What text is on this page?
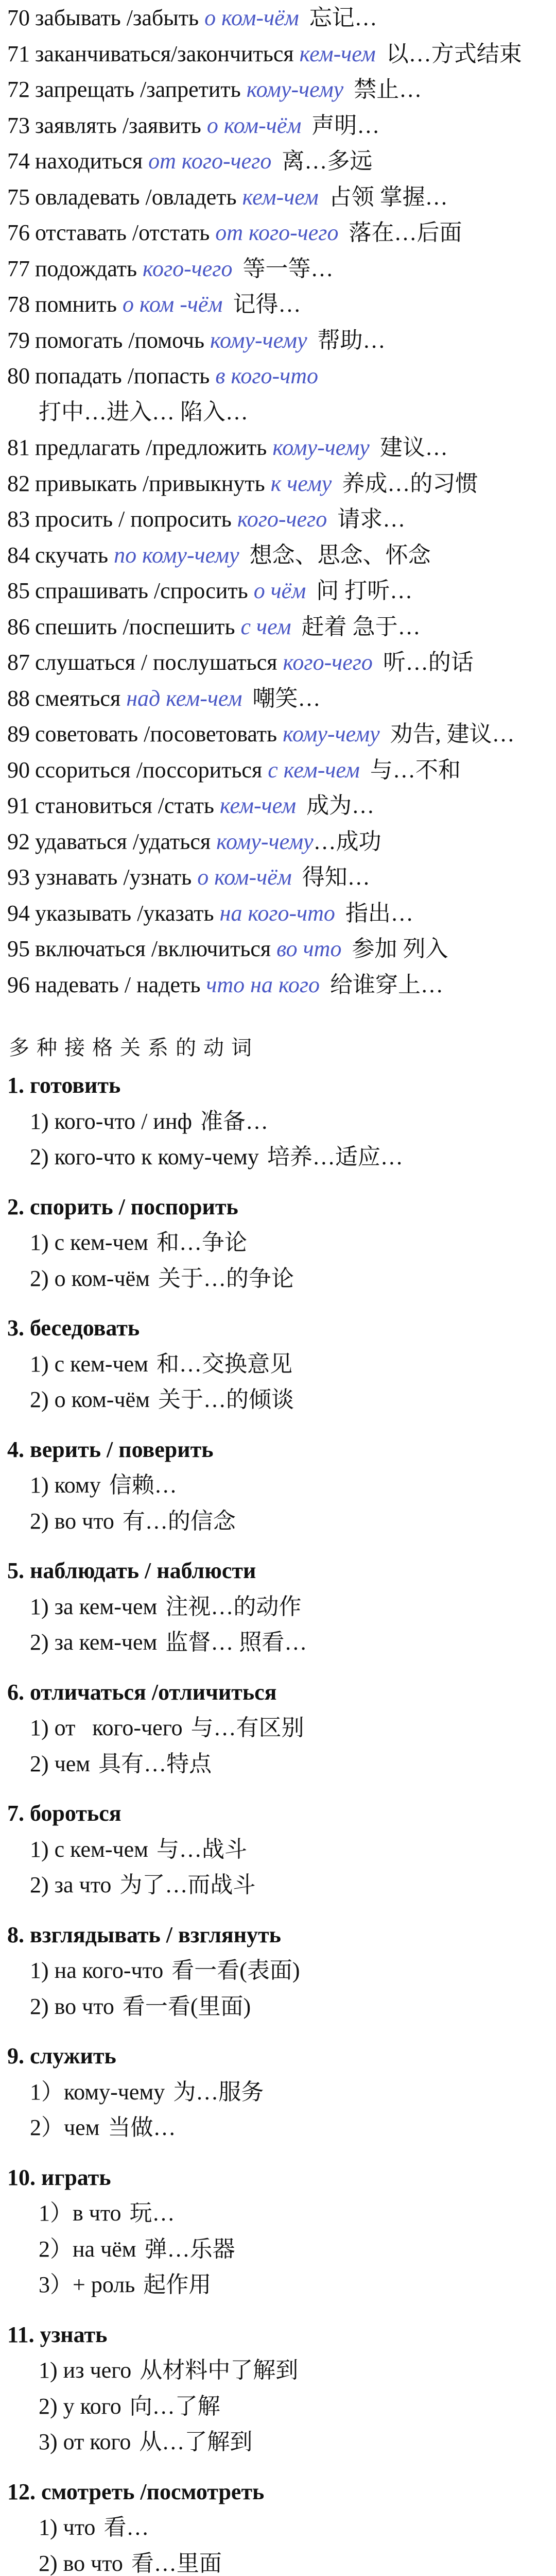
70 забывать /забыть о ком-чём 忘记…
71 заканчиваться/закончиться кем-чем 以…方式结束
72 запрещать /запретить кому-чему 禁止…
73 заявлять /заявить о ком-чём 声明…
74 находиться от кого-чего 离…多远
75 овладевать /овладеть кем-чем 占领 掌握…
76 отставать /отстать от кого-чего 落在…后面
77 подождать кого-чего 等一等…
78 помнить о ком -чём 记得…
79 помогать /помочь кому-чему 帮助…
80 попадать /попасть в кого-что
打中…进入… 陷入…
81 предлагать /предложить кому-чему 建议…
82 привыкать /привыкнуть к чему 养成…的习惯
83 просить / попросить кого-чего 请求…
84 скучать по кому-чему 想念、思念、怀念
85 спрашивать /спросить о чём 问 打听…
86 спешить /поспешить с чем 赶着 急于…
87 слушаться / послушаться кого-чего 听…的话
88 смеяться над кем-чем 嘲笑…
89 советовать /посоветовать кому-чему 劝告, 建议…
90 ссориться /поссориться с кем-чем 与…不和
91 становиться /стать кем-чем 成为…
92 удаваться /удаться кому-чему…成功
93 узнавать /узнать о ком-чём 得知…
94 указывать /указать на кого-что 指出…
95 включаться /включиться во что 参加 列入
96 надевать / надеть что на кого 给谁穿上…
多种接格关系的动词
1. готовить
1) кого-что / инф 准备…
2) кого-что к кому-чему 培养…适应…
2. спорить / поспорить
1) с кем-чем 和…争论
2) о ком-чём 关于…的争论
3. беседовать
1) с кем-чем 和…交换意见
2) о ком-чём 关于…的倾谈
4. верить / поверить
1) кому 信赖…
2) во что 有…的信念
5. наблюдать / наблюсти
1) за кем-чем 注视…的动作
2) за кем-чем 监督… 照看…
6. отличаться /отличиться
1) от   кого-чего 与…有区别
2) чем 具有…特点
7. бороться
1) с кем-чем 与…战斗
2) за что 为了…而战斗
8. взглядывать / взглянуть
1) на кого-что 看一看(表面)
2) во что 看一看(里面)
9. служить
1）кому-чему 为…服务
2）чем 当做…
10. играть
1）в что 玩…
2）на чём 弹…乐器
3）+ роль 起作用
11. узнать
1) из чего 从材料中了解到
2) у кого 向…了解
3) от кого 从…了解到
12. смотреть /посмотреть
1) что 看…
2) во что 看…里面
